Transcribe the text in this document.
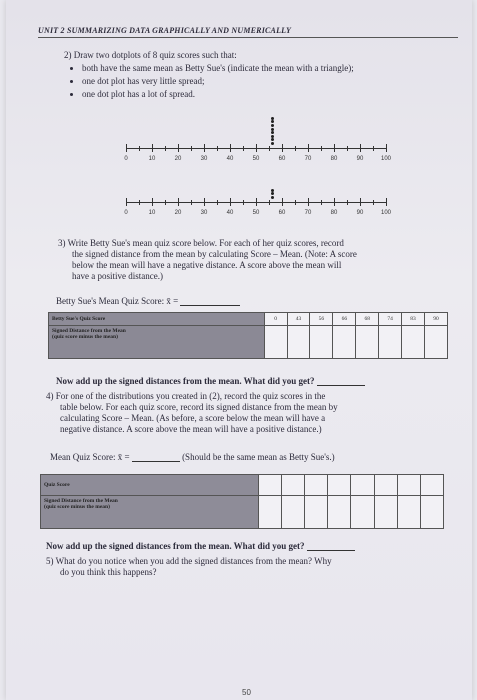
UNIT 2 SUMMARIZING DATA GRAPHICALLY AND NUMERICALLY
2) Draw two dotplots of 8 quiz scores such that:
• both have the same mean as Betty Sue's (indicate the mean with a triangle);
• one dot plot has very little spread;
• one dot plot has a lot of spread.
0	10	20	30	40	50	60	70	80	90	100
0	10	20	30	40	50	60	70	80	90	100
3) Write Betty Sue's mean quiz score below. For each of her quiz scores, record
the signed distance from the mean by calculating Score – Mean. (Note: A score
below the mean will have a negative distance. A score above the mean will
have a positive distance.)
Betty Sue's Mean Quiz Score: x̄ =
Betty Sue's Quiz Score	0	43	56	66	68	74	83	90

Signed Distance from the Mean
(quiz score minus the mean)								

Now add up the signed distances from the mean. What did you get?
4) For one of the distributions you created in (2), record the quiz scores in the
table below. For each quiz score, record its signed distance from the mean by
calculating Score – Mean. (As before, a score below the mean will have a
negative distance. A score above the mean will have a positive distance.)
Mean Quiz Score: x̄ =	(Should be the same mean as Betty Sue's.)
Quiz Score								

Signed Distance from the Mean
(quiz score minus the mean)								

Now add up the signed distances from the mean. What did you get?
5) What do you notice when you add the signed distances from the mean? Why
do you think this happens?
50
